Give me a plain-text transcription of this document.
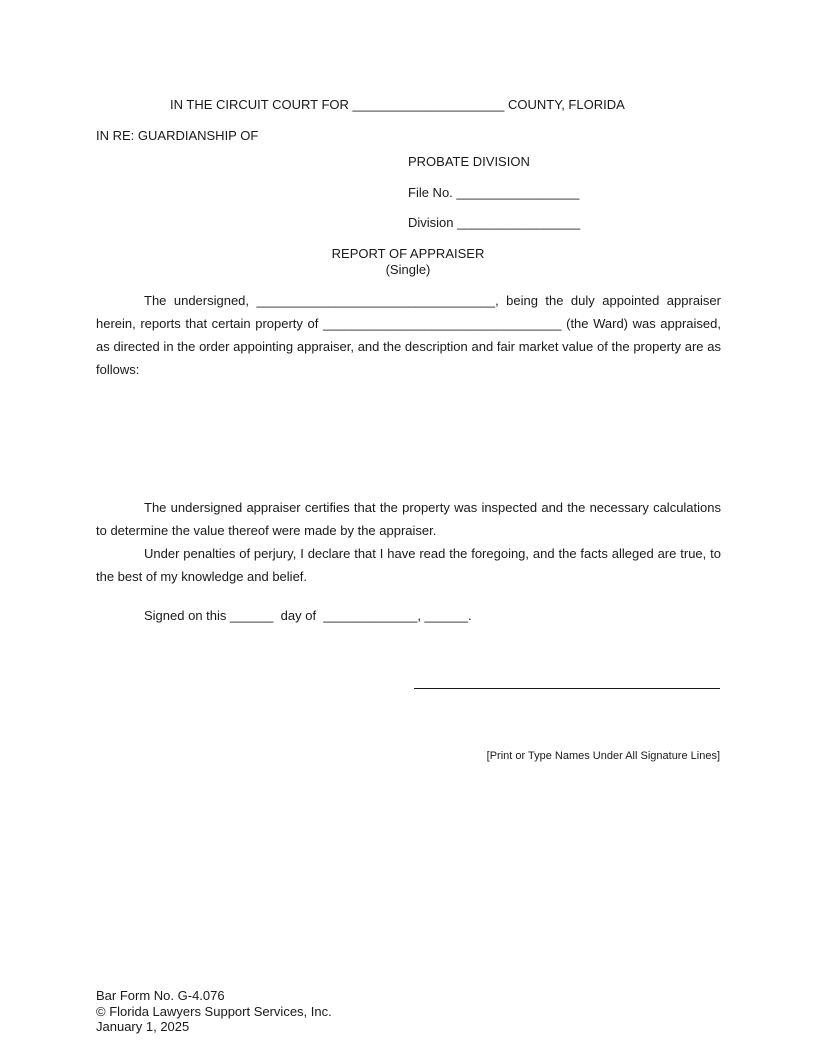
IN THE CIRCUIT COURT FOR _____________________ COUNTY, FLORIDA
IN RE: GUARDIANSHIP OF
PROBATE DIVISION
File No. _________________
Division _________________
REPORT OF APPRAISER
(Single)
The undersigned, _________________________________, being the duly appointed appraiser herein, reports that certain property of _________________________________ (the Ward) was appraised, as directed in the order appointing appraiser, and the description and fair market value of the property are as follows:
The undersigned appraiser certifies that the property was inspected and the necessary calculations to determine the value thereof were made by the appraiser.
Under penalties of perjury, I declare that I have read the foregoing, and the facts alleged are true, to the best of my knowledge and belief.
Signed on this ______ day of _____________, ______.
[Print or Type Names Under All Signature Lines]
Bar Form No. G-4.076
© Florida Lawyers Support Services, Inc.
January 1, 2025
